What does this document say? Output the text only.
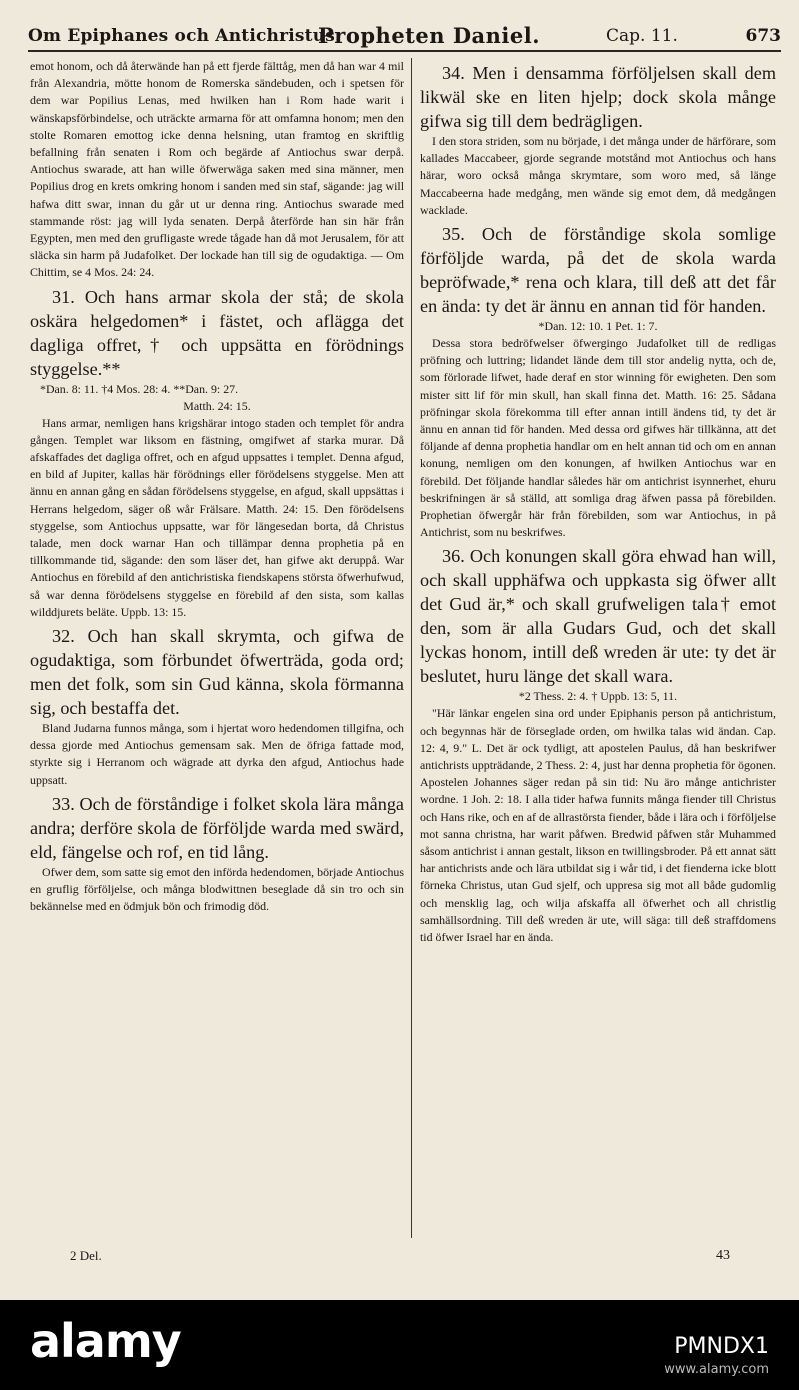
Om Epiphanes och Antichristus.
Propheten Daniel.	Cap. 11.	673

emot honom, och då återwände han på ett fjerde fälttåg, men då han war 4 mil från Alexandria, mötte honom de Romerska sändebuden, och i spetsen för dem war Popilius Lenas, med hwilken han i Rom hade warit i wänskapsförbindelse, och uträckte armarna för att omfamna honom; men den stolte Romaren emottog icke denna helsning, utan framtog en skriftlig befallning från senaten i Rom och begärde af Antiochus swar derpå. Antiochus swarade, att han wille öfwerwäga saken med sina männer, men Popilius drog en krets omkring honom i sanden med sin staf, sägande: jag will hafwa ditt swar, innan du går ut ur denna ring. Antiochus swarade med stammande röst: jag will lyda senaten. Derpå återförde han sin här från Egypten, men med den grufligaste wrede tågade han då mot Jerusalem, för att släcka sin harm på Judafolket. Der lockade han till sig de ogudaktiga. — Om Chittim, se 4 Mos. 24: 24.

31. Och hans armar skola der stå; de skola oskära helgedomen* i fästet, och aflägga det dagliga offret,† och uppsätta en förödnings styggelse.**

*Dan. 8: 11. †4 Mos. 28: 4. **Dan. 9: 27.

Matth. 24: 15.

Hans armar, nemligen hans krigshärar intogo staden och templet för andra gången. Templet war liksom en fästning, omgifwet af starka murar. Då afskaffades det dagliga offret, och en afgud uppsattes i templet. Denna afgud, en bild af Jupiter, kallas här förödnings eller förödelsens styggelse. Men att ännu en annan gång en sådan förödelsens styggelse, en afgud, skall uppsättas i Herrans helgedom, säger oß wår Frälsare. Matth. 24: 15. Den förödelsens styggelse, som Antiochus uppsatte, war för längesedan borta, då Christus talade, men dock warnar Han och tillämpar denna prophetia på en tillkommande tid, sägande: den som läser det, han gifwe akt deruppå. War Antiochus en förebild af den antichristiska fiendskapens största öfwerhufwud, så war denna förödelsens styggelse en förebild af den sista, som kallas wilddjurets beläte. Uppb. 13: 15.

32. Och han skall skrymta, och gifwa de ogudaktiga, som förbundet öfwerträda, goda ord; men det folk, som sin Gud känna, skola förmanna sig, och bestaffa det.

Bland Judarna funnos många, som i hjertat woro hedendomen tillgifna, och dessa gjorde med Antiochus gemensam sak. Men de öfriga fattade mod, styrkte sig i Herranom och wägrade att dyrka den afgud, Antiochus hade uppsatt.

33. Och de förståndige i folket skola lära många andra; derföre skola de förföljde warda med swärd, eld, fängelse och rof, en tid lång.

Ofwer dem, som satte sig emot den införda hedendomen, började Antiochus en gruflig förföljelse, och många blodwittnen beseglade då sin tro och sin bekännelse med en ödmjuk bön och frimodig död.

34. Men i densamma förföljelsen skall dem likwäl ske en liten hjelp; dock skola månge gifwa sig till dem bedrägligen.

I den stora striden, som nu började, i det många under de härförare, som kallades Maccabeer, gjorde segrande motstånd mot Antiochus och hans härar, woro också många skrymtare, som woro med, så länge Maccabeerna hade medgång, men wände sig emot dem, då medgången wacklade.

35. Och de förståndige skola somlige förföljde warda, på det de skola warda bepröfwade,* rena och klara, till deß att det får en ända: ty det är ännu en annan tid för handen.

*Dan. 12: 10. 1 Pet. 1: 7.

Dessa stora bedröfwelser öfwergingo Judafolket till de redligas pröfning och luttring; lidandet lände dem till stor andelig nytta, och de, som förlorade lifwet, hade deraf en stor winning för ewigheten. Den som mister sitt lif för min skull, han skall finna det. Matth. 16: 25. Sådana pröfningar skola förekomma till efter annan intill ändens tid, ty det är ännu en annan tid för handen. Med dessa ord gifwes här tillkänna, att det följande af denna prophetia handlar om en helt annan tid och om en annan konung, nemligen om den konungen, af hwilken Antiochus war en förebild. Det följande handlar således här om antichrist isynnerhet, ehuru beskrifningen är så ställd, att somliga drag äfwen passa på förebilden. Prophetian öfwergår här från förebilden, som war Antiochus, in på Antichrist, som nu beskrifwes.

36. Och konungen skall göra ehwad han will, och skall upphäfwa och uppkasta sig öfwer allt det Gud är,* och skall grufweligen tala† emot den, som är alla Gudars Gud, och det skall lyckas honom, intill deß wreden är ute: ty det är beslutet, huru länge det skall wara.

*2 Thess. 2: 4. † Uppb. 13: 5, 11.

"Här länkar engelen sina ord under Epiphanis person på antichristum, och begynnas här de förseglade orden, om hwilka talas wid ändan. Cap. 12: 4, 9." L. Det är ock tydligt, att apostelen Paulus, då han beskrifwer antichrists uppträdande, 2 Thess. 2: 4, just har denna prophetia för ögonen. Apostelen Johannes säger redan på sin tid: Nu äro månge antichrister wordne. 1 Joh. 2: 18. I alla tider hafwa funnits många fiender till Christus och Hans rike, och en af de allrastörsta fiender, både i lära och i förföljelse mot sanna christna, har warit påfwen. Bredwid påfwen står Muhammed såsom antichrist i annan gestalt, likson en twillingsbroder. På ett annat sätt har antichrists ande och lära utbildat sig i wår tid, i det fienderna icke blott förneka Christus, utan Gud sjelf, och uppresa sig mot all både gudomlig och mensklig lag, och wilja afskaffa all öfwerhet och all christlig samhällsordning. Till deß wreden är ute, will säga: till deß straffdomens tid öfwer Israel har en ända.

2 Del.	43
alamy	PMNDX1
www.alamy.com
